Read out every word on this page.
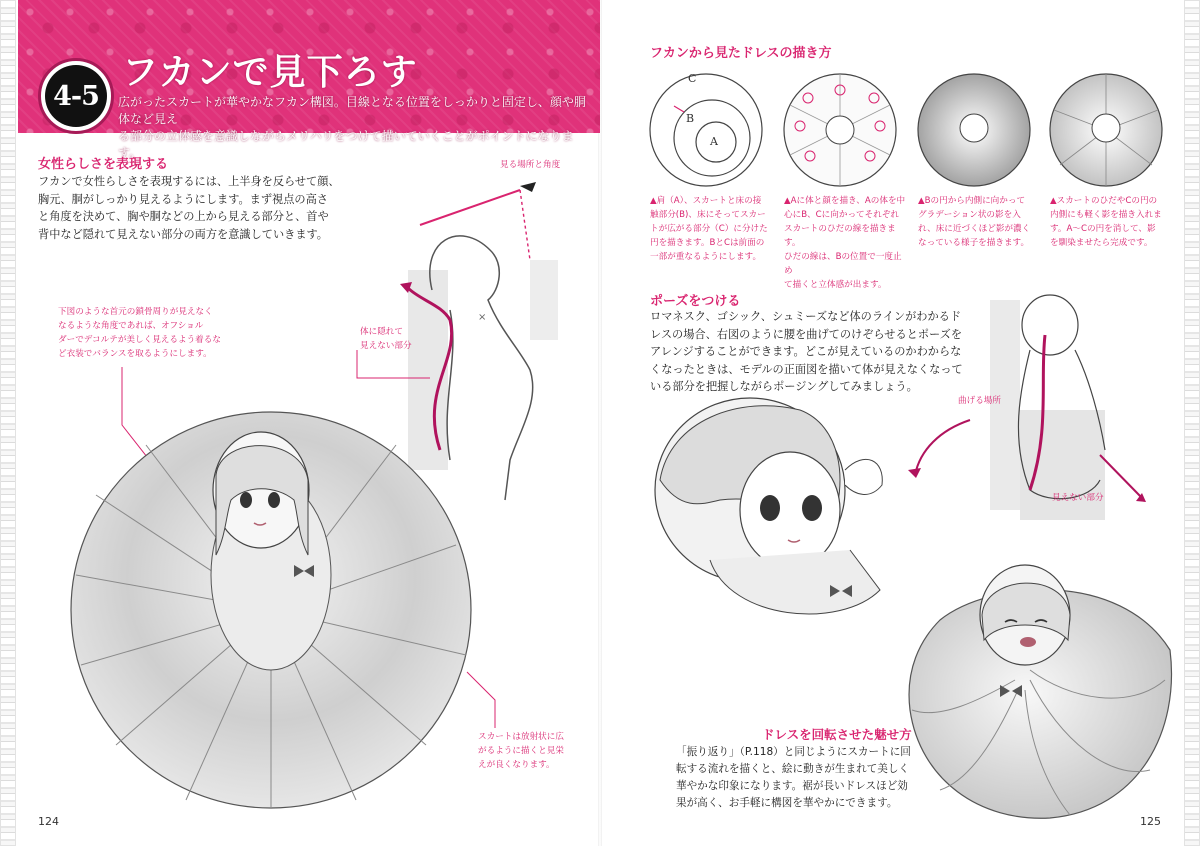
4-5
フカンで見下ろす
広がったスカートが華やかなフカン構図。目線となる位置をしっかりと固定し、顔や胴体など見え
る部分の立体感を意識しながらメリハリをつけて描いていくことがポイントになります。
女性らしさを表現する
フカンで女性らしさを表現するには、上半身を反らせて顔、
胸元、胴がしっかり見えるようにします。まず視点の高さ
と角度を決めて、胸や胴などの上から見える部分と、首や
背中など隠れて見えない部分の両方を意識していきます。
×
見る場所と角度
体に隠れて
見えない部分
下図のような首元の鎖骨周りが見えなく
なるような角度であれば、オフショル
ダーでデコルテが美しく見えるよう着るな
ど衣装でバランスを取るようにします。
スカートは放射状に広
がるように描くと見栄
えが良くなります。
124
フカンから見たドレスの描き方
C
B
A
▲肩（A）、スカートと床の接
触部分(B)、床にそってスカー
トが広がる部分（C）に分けた
円を描きます。BとCは前面の
一部が重なるようにします。
▲Aに体と顔を描き、Aの体を中
心にB、Cに向かってそれぞれ
スカートのひだの線を描きます。
ひだの線は、Bの位置で一度止め
て描くと立体感が出ます。
▲Bの円から内側に向かって
グラデーション状の影を入
れ、床に近づくほど影が濃く
なっている様子を描きます。
▲スカートのひだやCの円の
内側にも軽く影を描き入れま
す。A～Cの円を消して、影
を馴染ませたら完成です。
ポーズをつける
ロマネスク、ゴシック、シュミーズなど体のラインがわかるド
レスの場合、右図のように腰を曲げてのけぞらせるとポーズを
アレンジすることができます。どこが見えているのかわからな
くなったときは、モデルの正面図を描いて体が見えなくなって
いる部分を把握しながらポージングしてみましょう。
曲げる場所
見えない部分
ドレスを回転させた魅せ方
「振り返り」（P.118）と同じようにスカートに回
転する流れを描くと、絵に動きが生まれて美しく
華やかな印象になります。裾が長いドレスほど効
果が高く、お手軽に構図を華やかにできます。
125
